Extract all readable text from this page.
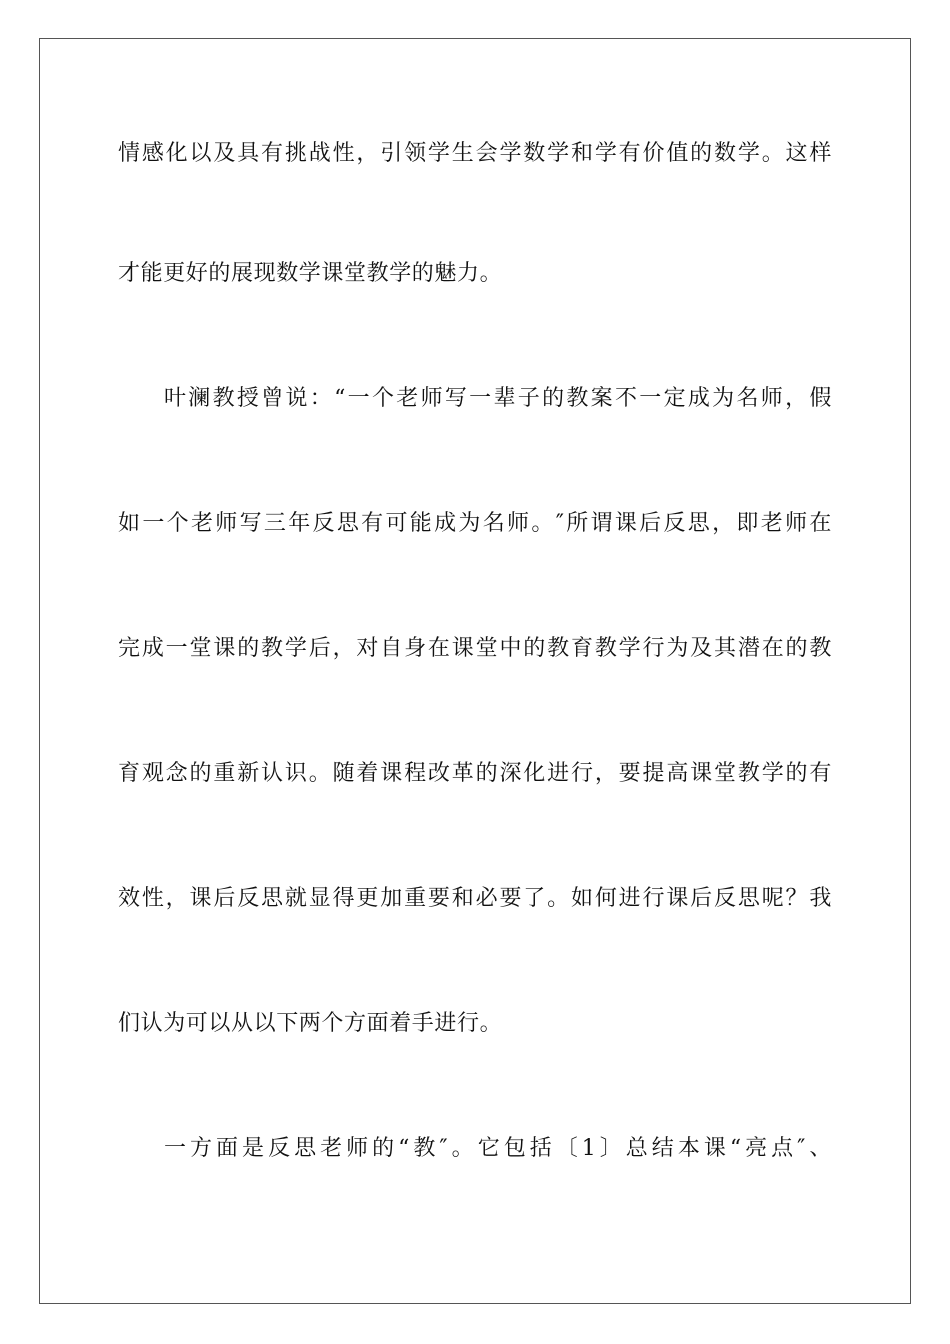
情感化以及具有挑战性，引领学生会学数学和学有价值的数学。这样
才能更好的展现数学课堂教学的魅力。
叶澜教授曾说：“一个老师写一辈子的教案不一定成为名师，假
如一个老师写三年反思有可能成为名师。″所谓课后反思，即老师在
完成一堂课的教学后，对自身在课堂中的教育教学行为及其潜在的教
育观念的重新认识。随着课程改革的深化进行，要提高课堂教学的有
效性，课后反思就显得更加重要和必要了。如何进行课后反思呢？我
们认为可以从以下两个方面着手进行。
一方面是反思老师的“教″。它包括〔1〕总结本课“亮点″、
